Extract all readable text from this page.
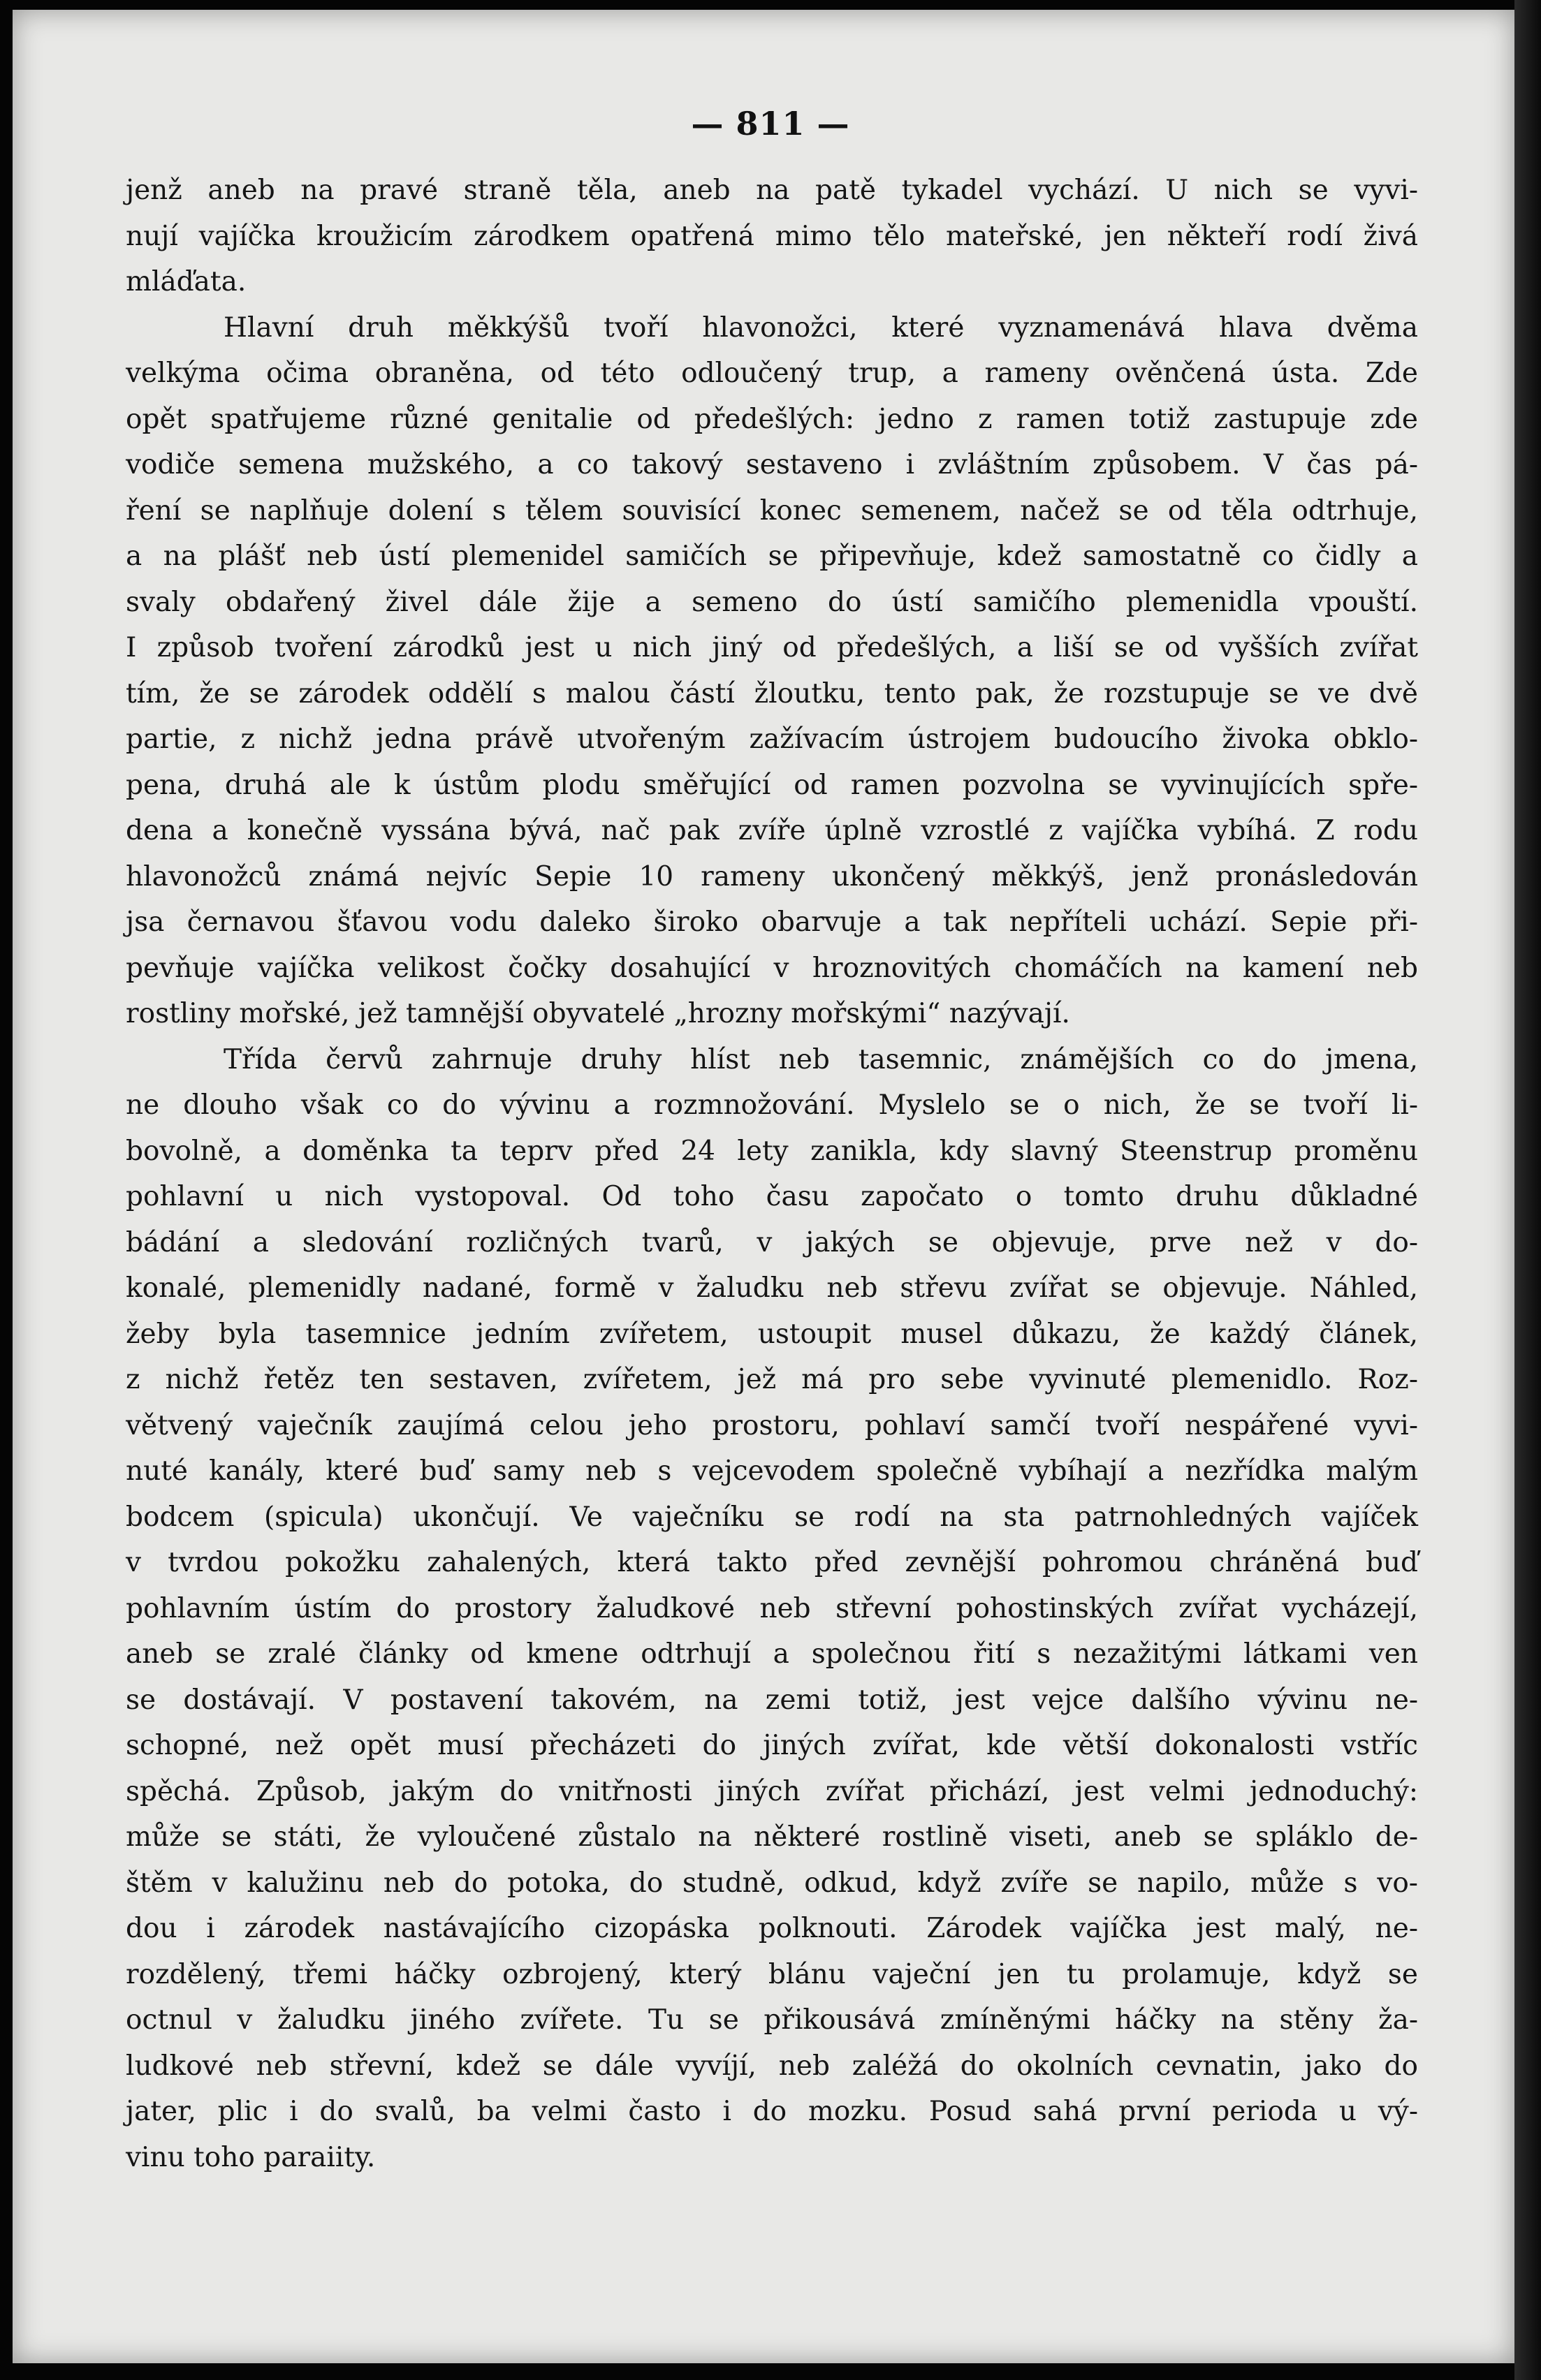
— 811 —
jenž aneb na pravé straně těla, aneb na patě tykadel vychází. U nich se vyvi-
nují vajíčka kroužicím zárodkem opatřená mimo tělo mateřské, jen někteří rodí živá
mláďata.
Hlavní druh měkkýšů tvoří hlavonožci, které vyznamenává hlava dvěma
velkýma očima obraněna, od této odloučený trup, a rameny ověnčená ústa. Zde
opět spatřujeme různé genitalie od předešlých: jedno z ramen totiž zastupuje zde
vodiče semena mužského, a co takový sestaveno i zvláštním způsobem. V čas pá-
ření se naplňuje dolení s tělem souvisící konec semenem, načež se od těla odtrhuje,
a na plášť neb ústí plemenidel samičích se připevňuje, kdež samostatně co čidly a
svaly obdařený živel dále žije a semeno do ústí samičího plemenidla vpouští.
I způsob tvoření zárodků jest u nich jiný od předešlých, a liší se od vyšších zvířat
tím, že se zárodek oddělí s malou částí žloutku, tento pak, že rozstupuje se ve dvě
partie, z nichž jedna právě utvořeným zažívacím ústrojem budoucího živoka obklo-
pena, druhá ale k ústům plodu směřující od ramen pozvolna se vyvinujících spře-
dena a konečně vyssána bývá, nač pak zvíře úplně vzrostlé z vajíčka vybíhá. Z rodu
hlavonožců známá nejvíc Sepie 10 rameny ukončený měkkýš, jenž pronásledován
jsa černavou šťavou vodu daleko široko obarvuje a tak nepříteli uchází. Sepie při-
pevňuje vajíčka velikost čočky dosahující v hroznovitých chomáčích na kamení neb
rostliny mořské, jež tamnější obyvatelé „hrozny mořskými“ nazývají.
Třída červů zahrnuje druhy hlíst neb tasemnic, známějších co do jmena,
ne dlouho však co do vývinu a rozmnožování. Myslelo se o nich, že se tvoří li-
bovolně, a doměnka ta teprv před 24 lety zanikla, kdy slavný Steenstrup proměnu
pohlavní u nich vystopoval. Od toho času započato o tomto druhu důkladné
bádání a sledování rozličných tvarů, v jakých se objevuje, prve než v do-
konalé, plemenidly nadané, formě v žaludku neb střevu zvířat se objevuje. Náhled,
žeby byla tasemnice jedním zvířetem, ustoupit musel důkazu, že každý článek,
z nichž řetěz ten sestaven, zvířetem, jež má pro sebe vyvinuté plemenidlo. Roz-
větvený vaječník zaujímá celou jeho prostoru, pohlaví samčí tvoří nespářené vyvi-
nuté kanály, které buď samy neb s vejcevodem společně vybíhají a nezřídka malým
bodcem (spicula) ukončují. Ve vaječníku se rodí na sta patrnohledných vajíček
v tvrdou pokožku zahalených, která takto před zevnější pohromou chráněná buď
pohlavním ústím do prostory žaludkové neb střevní pohostinských zvířat vycházejí,
aneb se zralé články od kmene odtrhují a společnou řití s nezažitými látkami ven
se dostávají. V postavení takovém, na zemi totiž, jest vejce dalšího vývinu ne-
schopné, než opět musí přecházeti do jiných zvířat, kde větší dokonalosti vstříc
spěchá. Způsob, jakým do vnitřnosti jiných zvířat přichází, jest velmi jednoduchý:
může se státi, že vyloučené zůstalo na některé rostlině viseti, aneb se spláklo de-
štěm v kalužinu neb do potoka, do studně, odkud, když zvíře se napilo, může s vo-
dou i zárodek nastávajícího cizopáska polknouti. Zárodek vajíčka jest malý, ne-
rozdělený, třemi háčky ozbrojený, který blánu vaječní jen tu prolamuje, když se
octnul v žaludku jiného zvířete. Tu se přikousává zmíněnými háčky na stěny ža-
ludkové neb střevní, kdež se dále vyvíjí, neb zaléžá do okolních cevnatin, jako do
jater, plic i do svalů, ba velmi často i do mozku. Posud sahá první perioda u vý-
vinu toho paraiity.
